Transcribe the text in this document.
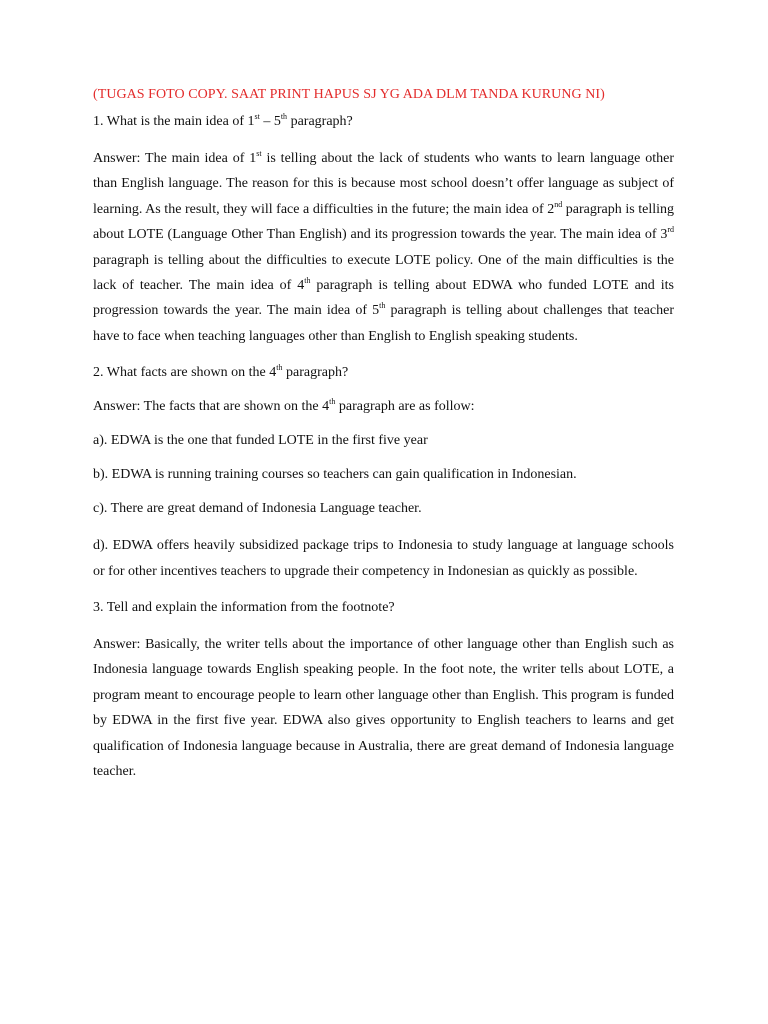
(TUGAS FOTO COPY. SAAT PRINT HAPUS SJ YG ADA DLM TANDA KURUNG NI)

1. What is the main idea of 1st – 5th paragraph?

Answer: The main idea of 1st is telling about the lack of students who wants to learn language other than English language. The reason for this is because most school doesn’t offer language as subject of learning. As the result, they will face a difficulties in the future; the main idea of 2nd paragraph is telling about LOTE (Language Other Than English) and its progression towards the year. The main idea of 3rd paragraph is telling about the difficulties to execute LOTE policy. One of the main difficulties is the lack of teacher. The main idea of 4th paragraph is telling about EDWA who funded LOTE and its progression towards the year. The main idea of 5th paragraph is telling about challenges that teacher have to face when teaching languages other than English to English speaking students.

2. What facts are shown on the 4th paragraph?

Answer: The facts that are shown on the 4th paragraph are as follow:

a). EDWA is the one that funded LOTE in the first five year

b). EDWA is running training courses so teachers can gain qualification in Indonesian.

c). There are great demand of Indonesia Language teacher.

d). EDWA offers heavily subsidized package trips to Indonesia to study language at language schools or for other incentives teachers to upgrade their competency in Indonesian as quickly as possible.

3. Tell and explain the information from the footnote?

Answer: Basically, the writer tells about the importance of other language other than English such as Indonesia language towards English speaking people. In the foot note, the writer tells about LOTE, a program meant to encourage people to learn other language other than English. This program is funded by EDWA in the first five year. EDWA also gives opportunity to English teachers to learns and get qualification of Indonesia language because in Australia, there are great demand of Indonesia language teacher.
